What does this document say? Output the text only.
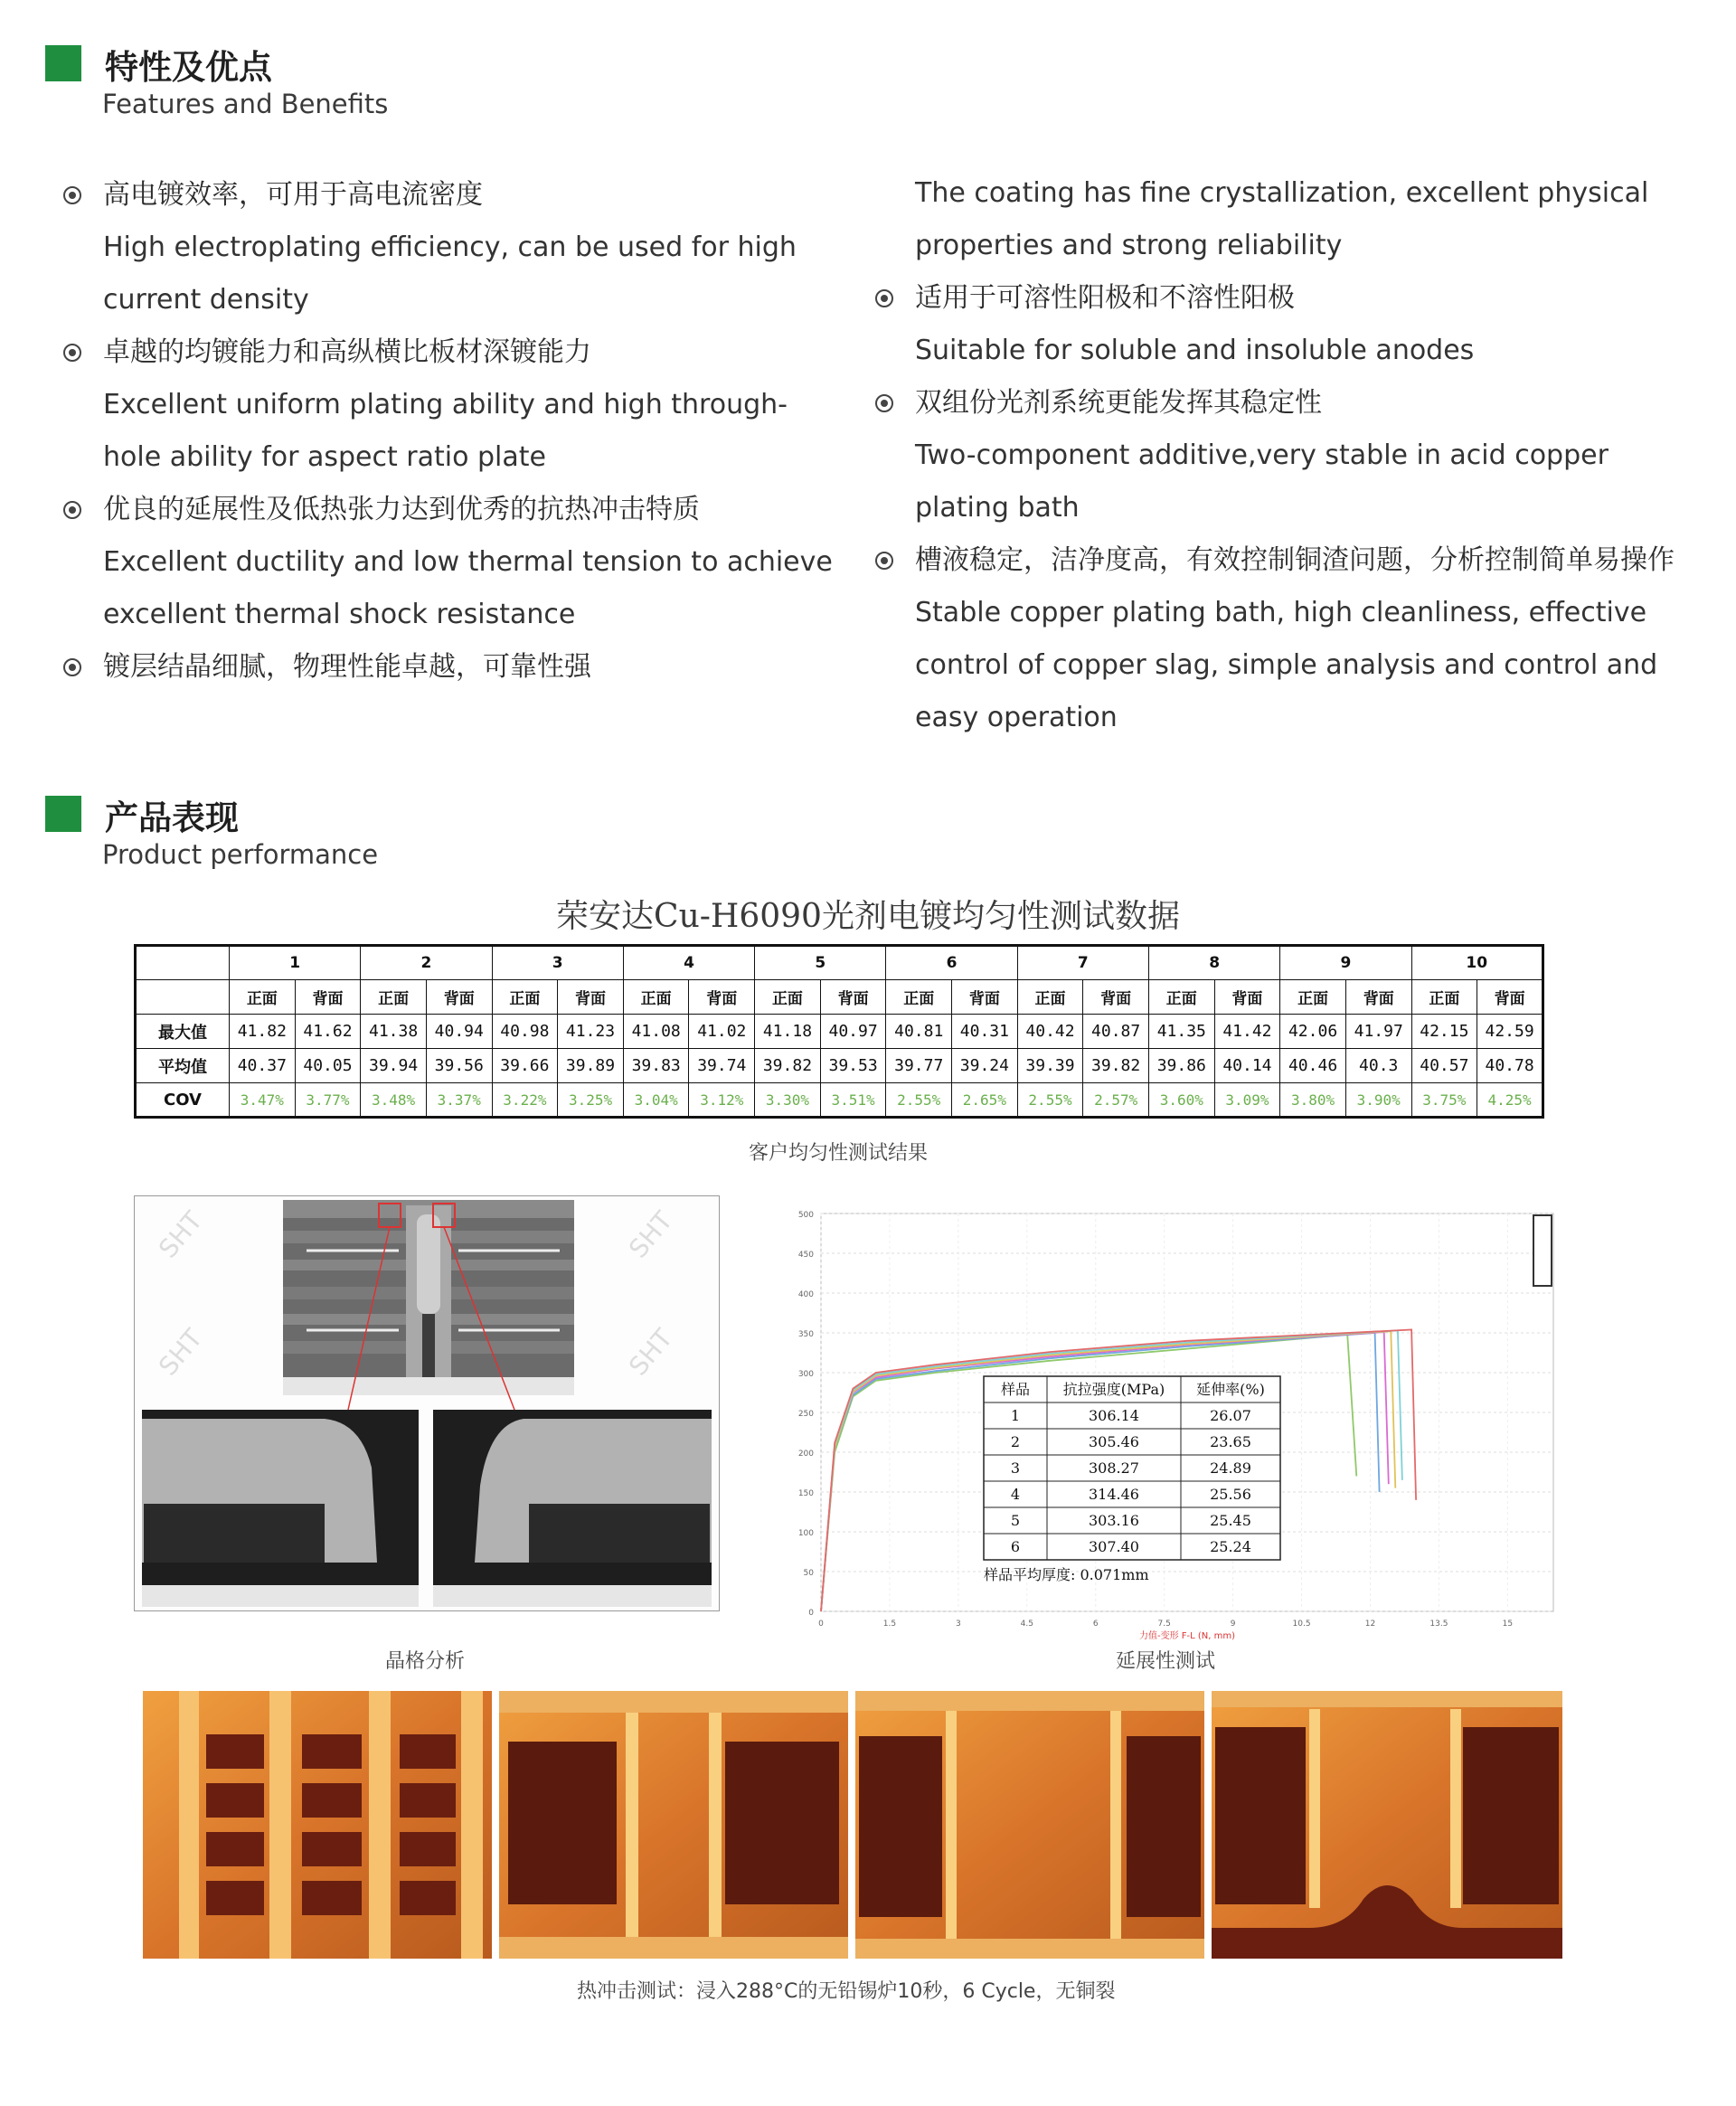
特性及优点
Features and Benefits
高电镀效率，可用于高电流密度
High electroplating efficiency, can be used for high
current density
卓越的均镀能力和高纵横比板材深镀能力
Excellent uniform plating ability and high through-
hole ability for aspect ratio plate
优良的延展性及低热张力达到优秀的抗热冲击特质
Excellent ductility and low thermal tension to achieve
excellent thermal shock resistance
镀层结晶细腻，物理性能卓越，可靠性强
The coating has fine crystallization, excellent physical
properties and strong reliability
适用于可溶性阳极和不溶性阳极
Suitable for soluble and insoluble anodes
双组份光剂系统更能发挥其稳定性
Two-component additive,very stable in acid copper
plating bath
槽液稳定，洁净度高，有效控制铜渣问题，分析控制简单易操作
Stable copper plating bath, high cleanliness, effective
control of copper slag, simple analysis and control and
easy operation
产品表现
Product performance
荣安达Cu-H6090光剂电镀均匀性测试数据
	1		2		3		4		5		6		7		8		9		10	
	正面	背面	正面	背面	正面	背面	正面	背面	正面	背面	正面	背面	正面	背面	正面	背面	正面	背面	正面	背面
最大值	41.82	41.62	41.38	40.94	40.98	41.23	41.08	41.02	41.18	40.97	40.81	40.31	40.42	40.87	41.35	41.42	42.06	41.97	42.15	42.59
平均值	40.37	40.05	39.94	39.56	39.66	39.89	39.83	39.74	39.82	39.53	39.77	39.24	39.39	39.82	39.86	40.14	40.46	40.3	40.57	40.78
COV	3.47%	3.77%	3.48%	3.37%	3.22%	3.25%	3.04%	3.12%	3.30%	3.51%	2.55%	2.65%	2.55%	2.57%	3.60%	3.09%	3.80%	3.90%	3.75%	4.25%
客户均匀性测试结果
SHT
SHT
SHT
SHT
晶格分析
0
50
100
150
200
250
300
350
400
450
500
0	1.5	3	4.5	6	7.5	9	10.5	12	13.5	15
力值-变形 F-L (N, mm)
样品 抗拉强度(MPa) 延伸率(%)
1	306.14	26.07
2	305.46	23.65
3	308.27	24.89
4	314.46	25.56
5	303.16	25.45
6	307.40	25.24
样品平均厚度: 0.071mm
延展性测试
热冲击测试：浸入288°C的无铅锡炉10秒，6 Cycle，无铜裂
